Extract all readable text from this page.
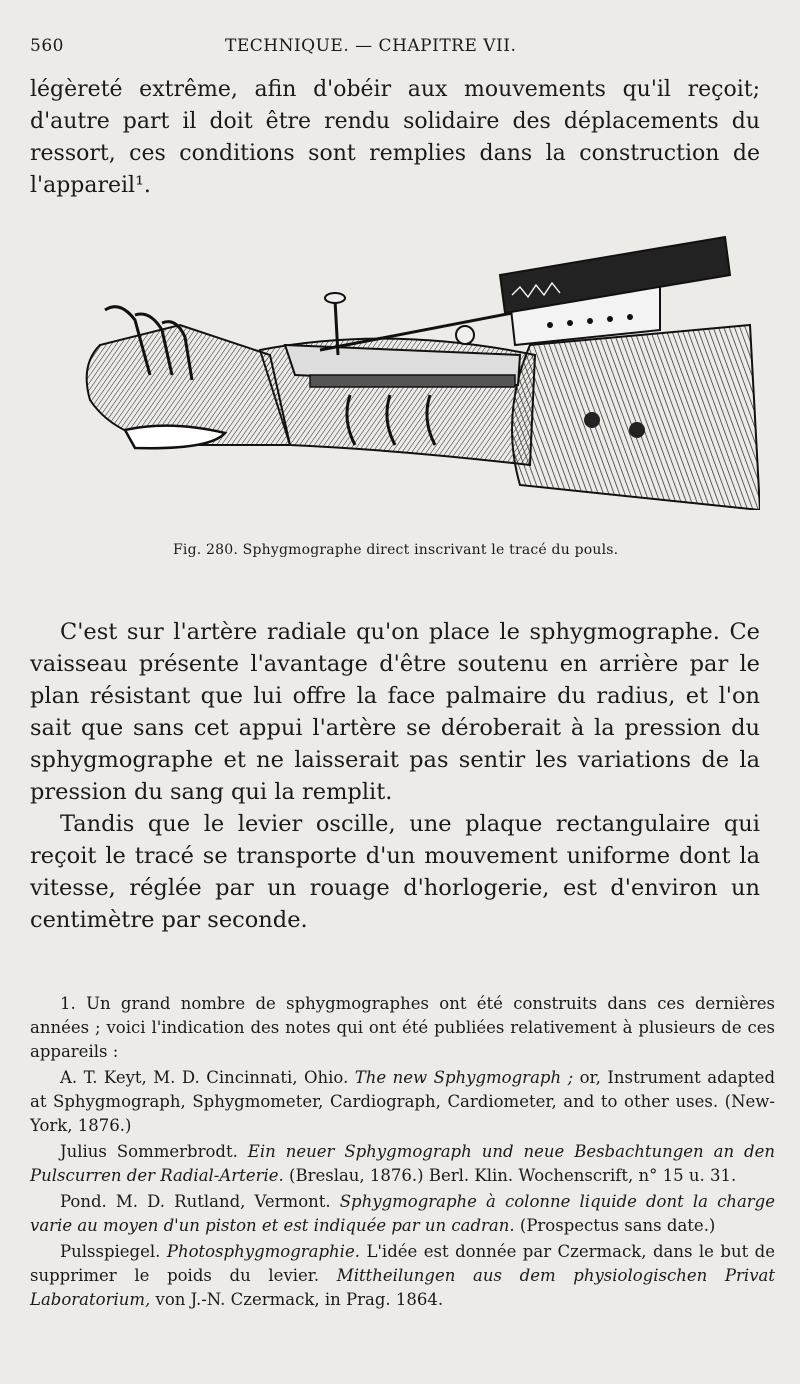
560	TECHNIQUE. — CHAPITRE VII.
légèreté extrême, afin d'obéir aux mouvements qu'il reçoit; d'autre part il doit être rendu solidaire des déplacements du ressort, ces conditions sont remplies dans la construction de l'appareil¹.
Fig. 280. Sphygmographe direct inscrivant le tracé du pouls.
C'est sur l'artère radiale qu'on place le sphygmographe. Ce vaisseau présente l'avantage d'être soutenu en arrière par le plan résistant que lui offre la face palmaire du radius, et l'on sait que sans cet appui l'artère se déroberait à la pression du sphygmographe et ne laisserait pas sentir les variations de la pression du sang qui la remplit.
Tandis que le levier oscille, une plaque rectangulaire qui reçoit le tracé se transporte d'un mouvement uniforme dont la vitesse, réglée par un rouage d'horlogerie, est d'environ un centimètre par seconde.

1. Un grand nombre de sphygmographes ont été construits dans ces dernières années ; voici l'indication des notes qui ont été publiées relativement à plusieurs de ces appareils :

A. T. Keyt, M. D. Cincinnati, Ohio. The new Sphygmograph ; or, Instrument adapted at Sphygmograph, Sphygmometer, Cardiograph, Cardiometer, and to other uses. (New-York, 1876.)

Julius Sommerbrodt. Ein neuer Sphygmograph und neue Besbachtungen an den Pulscurren der Radial-Arterie. (Breslau, 1876.) Berl. Klin. Wochenscrift, n° 15 u. 31.

Pond. M. D. Rutland, Vermont. Sphygmographe à colonne liquide dont la charge varie au moyen d'un piston et est indiquée par un cadran. (Prospectus sans date.)

Pulsspiegel. Photosphygmographie. L'idée est donnée par Czermack, dans le but de supprimer le poids du levier. Mittheilungen aus dem physiologischen Privat Laboratorium, von J.-N. Czermack, in Prag. 1864.
